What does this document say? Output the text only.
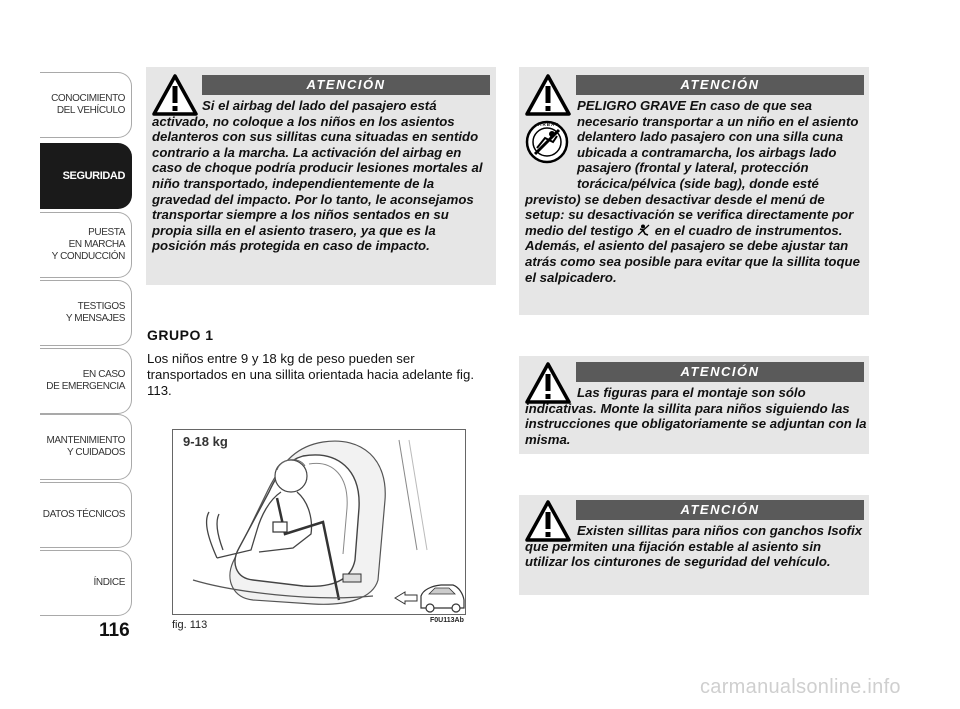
CONOCIMIENTO
DEL VEHÍCULO
SEGURIDAD
PUESTA
EN MARCHA
Y CONDUCCIÓN
TESTIGOS
Y MENSAJES
EN CASO
DE EMERGENCIA
MANTENIMIENTO
Y CUIDADOS
DATOS TÉCNICOS
ÍNDICE
116
ATENCIÓN
Si el airbag del lado del pasajero está activado, no coloque a los niños en los asientos delanteros con sus sillitas cuna situadas en sentido contrario a la marcha. La activación del airbag en caso de choque podría producir lesiones mortales al niño transportado, independientemente de la gravedad del impacto. Por lo tanto, le aconsejamos transportar siempre a los niños sentados en su propia silla en el asiento trasero, ya que es la posición más protegida en caso de impacto.
ATENCIÓN
AIRBAG
PELIGRO GRAVE En caso de que sea necesario transportar a un niño en el asiento delantero lado pasajero con una silla cuna ubicada a contramarcha, los airbags lado pasajero (frontal y lateral, protección torácica/pélvica (side bag), donde esté previsto) se deben desactivar desde el menú de setup: su desactivación se verifica directamente por medio del testigo  en el cuadro de instrumentos. Además, el asiento del pasajero se debe ajustar tan atrás como sea posible para evitar que la sillita toque el salpicadero.
ATENCIÓN
Las figuras para el montaje son sólo indicativas. Monte la sillita para niños siguiendo las instrucciones que obligatoriamente se adjuntan con la misma.
ATENCIÓN
Existen sillitas para niños con ganchos Isofix que permiten una fijación estable al asiento sin utilizar los cinturones de seguridad del vehículo.
GRUPO 1
Los niños entre 9 y 18 kg de peso pueden ser transportados en una sillita orientada hacia adelante fig. 113.
9-18 kg
F0U113Ab
fig. 113
carmanualsonline.info
